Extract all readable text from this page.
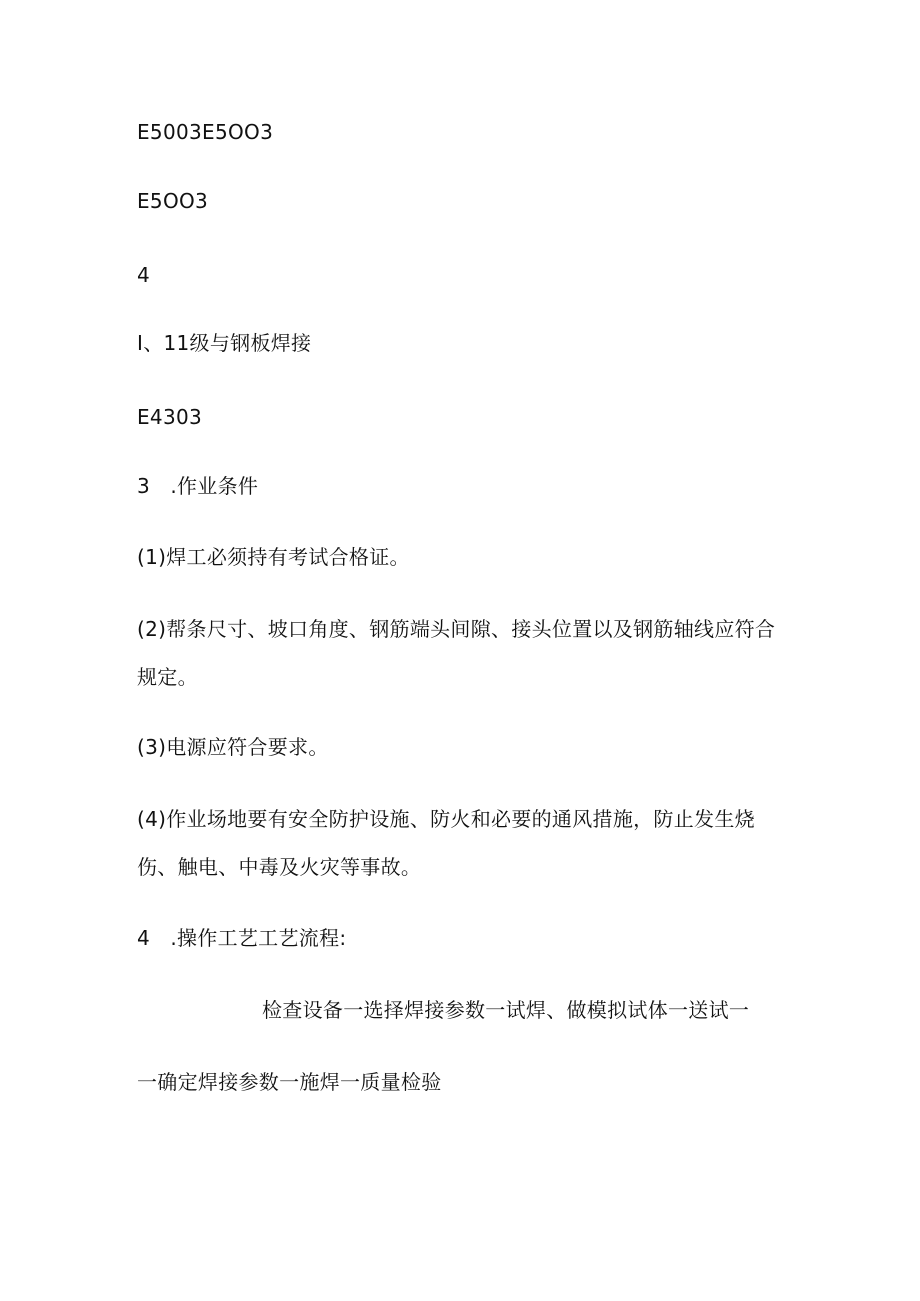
E5003E5OO3
E5OO3
4
I、11级与钢板焊接
E4303
3 .作业条件
(1)焊工必须持有考试合格证。
(2)帮条尺寸、坡口角度、钢筋端头间隙、接头位置以及钢筋轴线应符合
规定。
(3)电源应符合要求。
(4)作业场地要有安全防护设施、防火和必要的通风措施，防止发生烧
伤、触电、中毒及火灾等事故。
4 .操作工艺工艺流程:
检查设备一选择焊接参数一试焊、做模拟试体一送试一
一确定焊接参数一施焊一质量检验
